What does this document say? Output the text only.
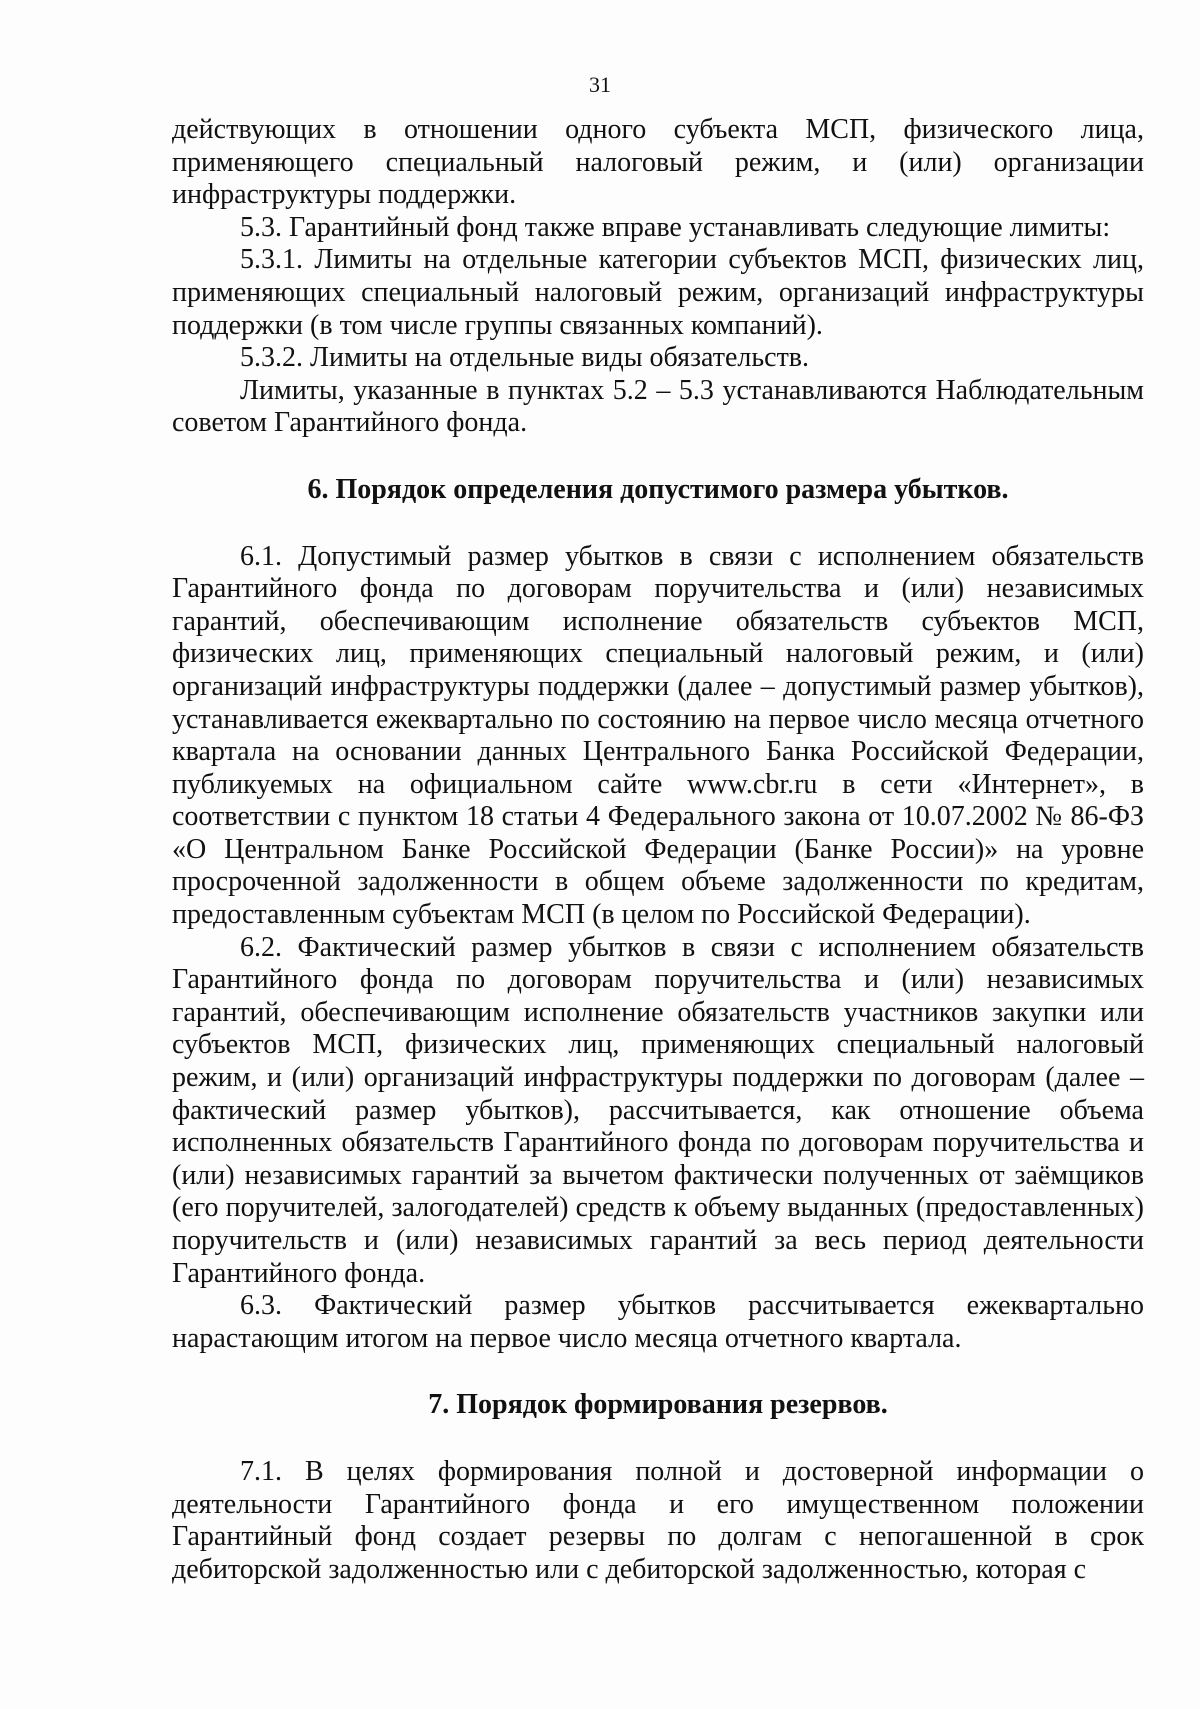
31

действующих в отношении одного субъекта МСП, физического лица, применяющего специальный налоговый режим, и (или) организации инфраструктуры поддержки.

5.3. Гарантийный фонд также вправе устанавливать следующие лимиты:

5.3.1. Лимиты на отдельные категории субъектов МСП, физических лиц, применяющих специальный налоговый режим, организаций инфраструктуры поддержки (в том числе группы связанных компаний).

5.3.2. Лимиты на отдельные виды обязательств.

Лимиты, указанные в пунктах 5.2 – 5.3 устанавливаются Наблюдательным советом Гарантийного фонда.

6. Порядок определения допустимого размера убытков.

6.1. Допустимый размер убытков в связи с исполнением обязательств Гарантийного фонда по договорам поручительства и (или) независимых гарантий, обеспечивающим исполнение обязательств субъектов МСП, физических лиц, применяющих специальный налоговый режим, и (или) организаций инфраструктуры поддержки (далее – допустимый размер убытков), устанавливается ежеквартально по состоянию на первое число месяца отчетного квартала на основании данных Центрального Банка Российской Федерации, публикуемых на официальном сайте www.cbr.ru в сети «Интернет», в соответствии с пунктом 18 статьи 4 Федерального закона от 10.07.2002 № 86-ФЗ «О Центральном Банке Российской Федерации (Банке России)» на уровне просроченной задолженности в общем объеме задолженности по кредитам, предоставленным субъектам МСП (в целом по Российской Федерации).

6.2. Фактический размер убытков в связи с исполнением обязательств Гарантийного фонда по договорам поручительства и (или) независимых гарантий, обеспечивающим исполнение обязательств участников закупки или субъектов МСП, физических лиц, применяющих специальный налоговый режим, и (или) организаций инфраструктуры поддержки по договорам (далее – фактический размер убытков), рассчитывается, как отношение объема исполненных обязательств Гарантийного фонда по договорам поручительства и (или) независимых гарантий за вычетом фактически полученных от заёмщиков (его поручителей, залогодателей) средств к объему выданных (предоставленных) поручительств и (или) независимых гарантий за весь период деятельности Гарантийного фонда.

6.3. Фактический размер убытков рассчитывается ежеквартально нарастающим итогом на первое число месяца отчетного квартала.

7. Порядок формирования резервов.

7.1. В целях формирования полной и достоверной информации о деятельности Гарантийного фонда и его имущественном положении Гарантийный фонд создает резервы по долгам с непогашенной в срок дебиторской задолженностью или с дебиторской задолженностью, которая с
